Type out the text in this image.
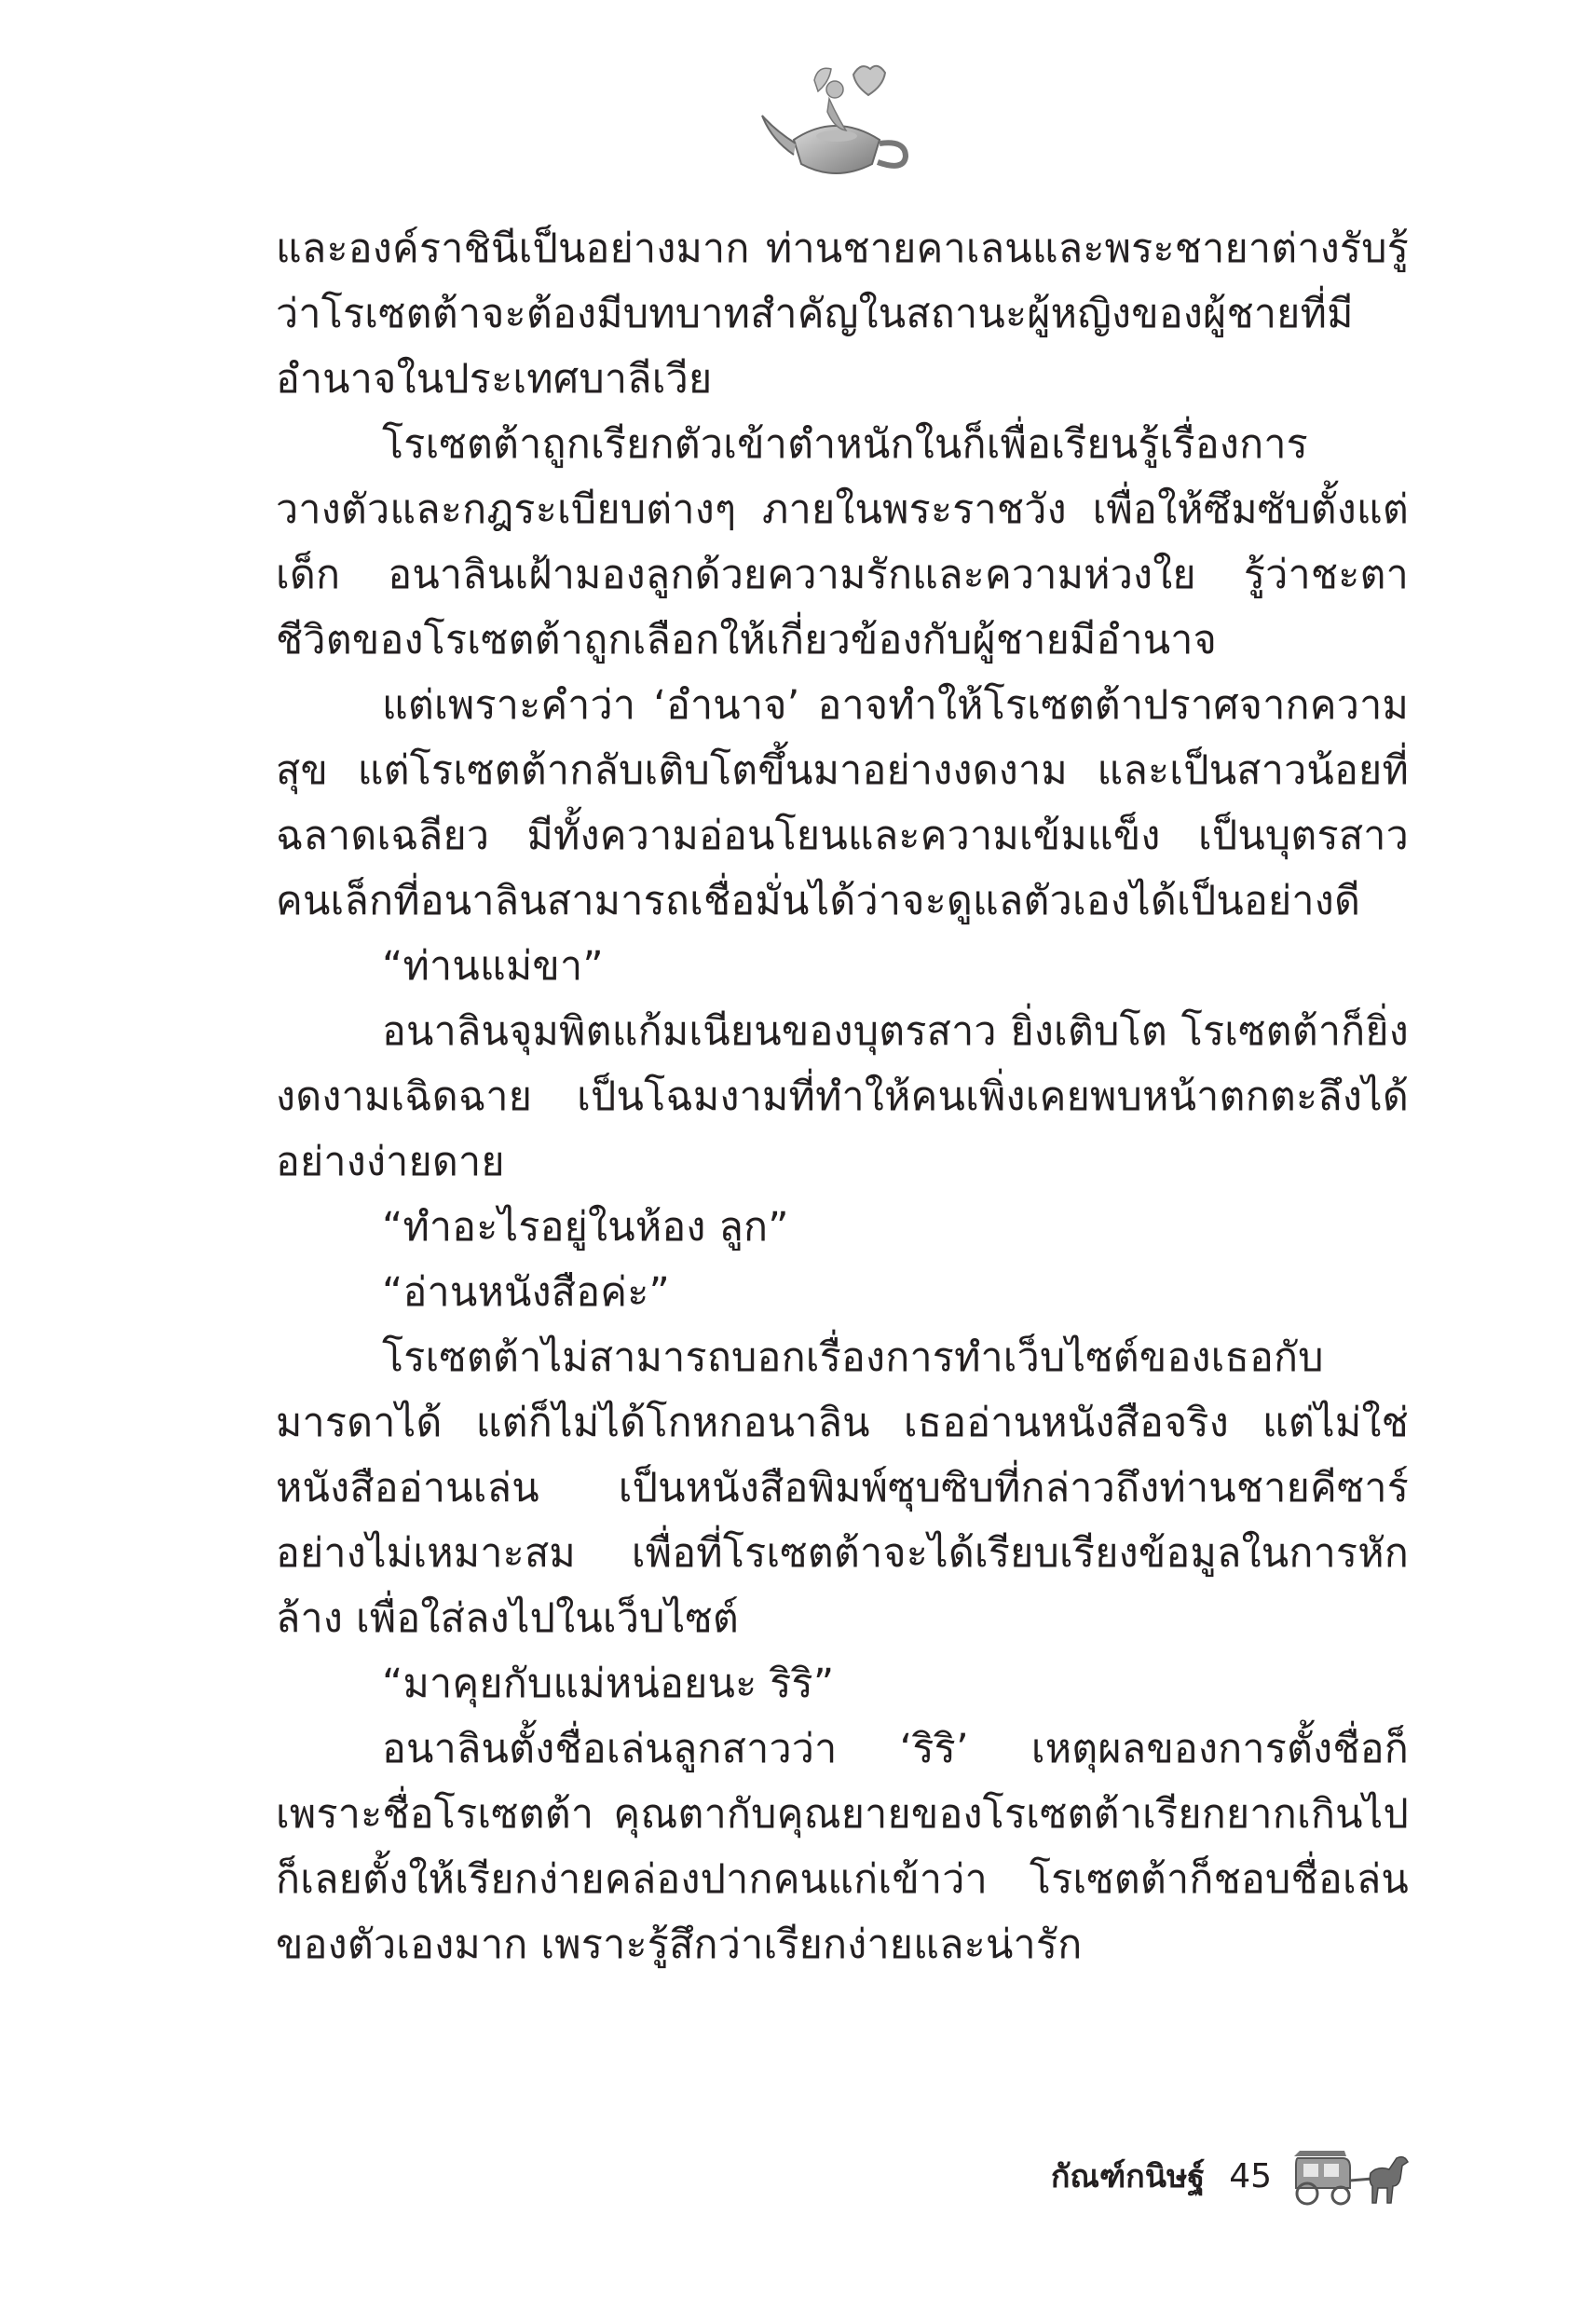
และองค์ราชินีเป็นอย่างมาก ท่านชายคาเลนและพระชายาต่างรับรู้ว่าโรเซตต้าจะต้องมีบทบาทสำคัญในสถานะผู้หญิงของผู้ชายที่มีอำนาจในประเทศบาลีเวีย

โรเซตต้าถูกเรียกตัวเข้าตำหนักในก็เพื่อเรียนรู้เรื่องการวางตัวและกฎระเบียบต่างๆ ภายในพระราชวัง เพื่อให้ซึมซับตั้งแต่เด็ก อนาลินเฝ้ามองลูกด้วยความรักและความห่วงใย รู้ว่าชะตาชีวิตของโรเซตต้าถูกเลือกให้เกี่ยวข้องกับผู้ชายมีอำนาจ

แต่เพราะคำว่า ‘อำนาจ’ อาจทำให้โรเซตต้าปราศจากความสุข แต่โรเซตต้ากลับเติบโตขึ้นมาอย่างงดงาม และเป็นสาวน้อยที่ฉลาดเฉลียว มีทั้งความอ่อนโยนและความเข้มแข็ง เป็นบุตรสาวคนเล็กที่อนาลินสามารถเชื่อมั่นได้ว่าจะดูแลตัวเองได้เป็นอย่างดี

“ท่านแม่ขา”

อนาลินจุมพิตแก้มเนียนของบุตรสาว ยิ่งเติบโต โรเซตต้าก็ยิ่งงดงามเฉิดฉาย เป็นโฉมงามที่ทำให้คนเพิ่งเคยพบหน้าตกตะลึงได้อย่างง่ายดาย

“ทำอะไรอยู่ในห้อง ลูก”

“อ่านหนังสือค่ะ”

โรเซตต้าไม่สามารถบอกเรื่องการทำเว็บไซต์ของเธอกับมารดาได้ แต่ก็ไม่ได้โกหกอนาลิน เธออ่านหนังสือจริง แต่ไม่ใช่หนังสืออ่านเล่น เป็นหนังสือพิมพ์ซุบซิบที่กล่าวถึงท่านชายคีซาร์อย่างไม่เหมาะสม เพื่อที่โรเซตต้าจะได้เรียบเรียงข้อมูลในการหักล้าง เพื่อใส่ลงไปในเว็บไซต์

“มาคุยกับแม่หน่อยนะ ริริ”

อนาลินตั้งชื่อเล่นลูกสาวว่า ‘ริริ’ เหตุผลของการตั้งชื่อก็เพราะชื่อโรเซตต้า คุณตากับคุณยายของโรเซตต้าเรียกยากเกินไป ก็เลยตั้งให้เรียกง่ายคล่องปากคนแก่เข้าว่า โรเซตต้าก็ชอบชื่อเล่นของตัวเองมาก เพราะรู้สึกว่าเรียกง่ายและน่ารัก

กัณฑ์กนิษฐ์ 45
